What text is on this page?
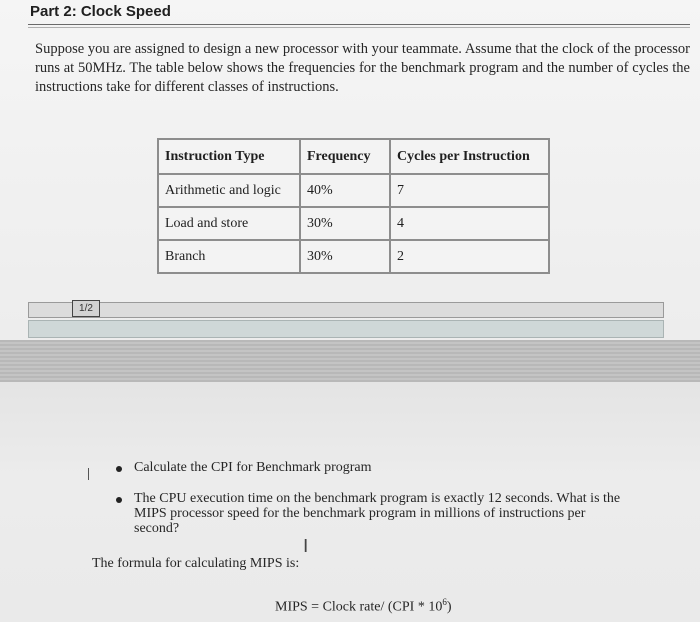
Part 2: Clock Speed
Suppose you are assigned to design a new processor with your teammate. Assume that the clock of the processor runs at 50MHz. The table below shows the frequencies for the benchmark program and the number of cycles the instructions take for different classes of instructions.
Instruction Type	Frequency	Cycles per Instruction
Arithmetic and logic	40%	7
Load and store	30%	4
Branch	30%	2
1/2
Calculate the CPI for Benchmark program
The CPU execution time on the benchmark program is exactly 12 seconds. What is the
MIPS processor speed for the benchmark program in millions of instructions per
second?
I
The formula for calculating MIPS is:
MIPS = Clock rate/ $(CPI * 10^6)$
